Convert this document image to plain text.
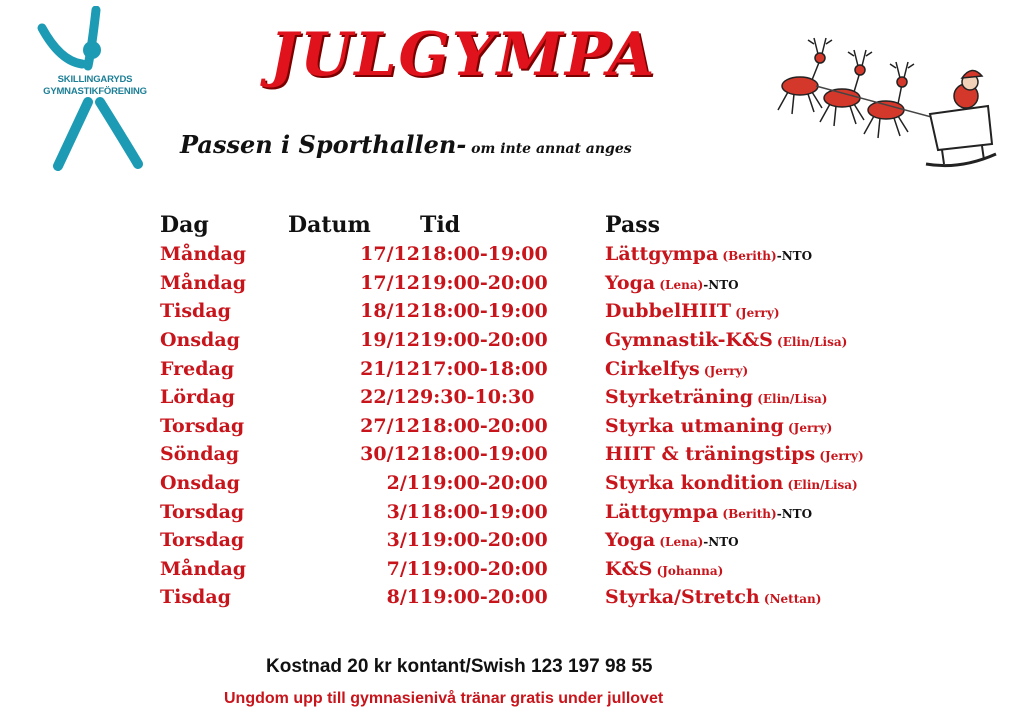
SKILLINGARYDS
GYMNASTIKFÖRENING
JULGYMPA
Passen i Sporthallen- om inte annat anges
Dag	Datum	Tid	Pass
Måndag	17/12	18:00-19:00	Lättgympa (Berith)-NTO
Måndag	17/12	19:00-20:00	Yoga (Lena)-NTO
Tisdag	18/12	18:00-19:00	DubbelHIIT (Jerry)
Onsdag	19/12	19:00-20:00	Gymnastik-K&S (Elin/Lisa)
Fredag	21/12	17:00-18:00	Cirkelfys (Jerry)
Lördag	22/12	9:30-10:30	Styrketräning (Elin/Lisa)
Torsdag	27/12	18:00-20:00	Styrka utmaning (Jerry)
Söndag	30/12	18:00-19:00	HIIT & träningstips (Jerry)
Onsdag	2/1	19:00-20:00	Styrka kondition (Elin/Lisa)
Torsdag	3/1	18:00-19:00	Lättgympa (Berith)-NTO
Torsdag	3/1	19:00-20:00	Yoga (Lena)-NTO
Måndag	7/1	19:00-20:00	K&S (Johanna)
Tisdag	8/1	19:00-20:00	Styrka/Stretch (Nettan)
Kostnad 20 kr kontant/Swish 123 197 98 55
Ungdom upp till gymnasienivå tränar gratis under jullovet
